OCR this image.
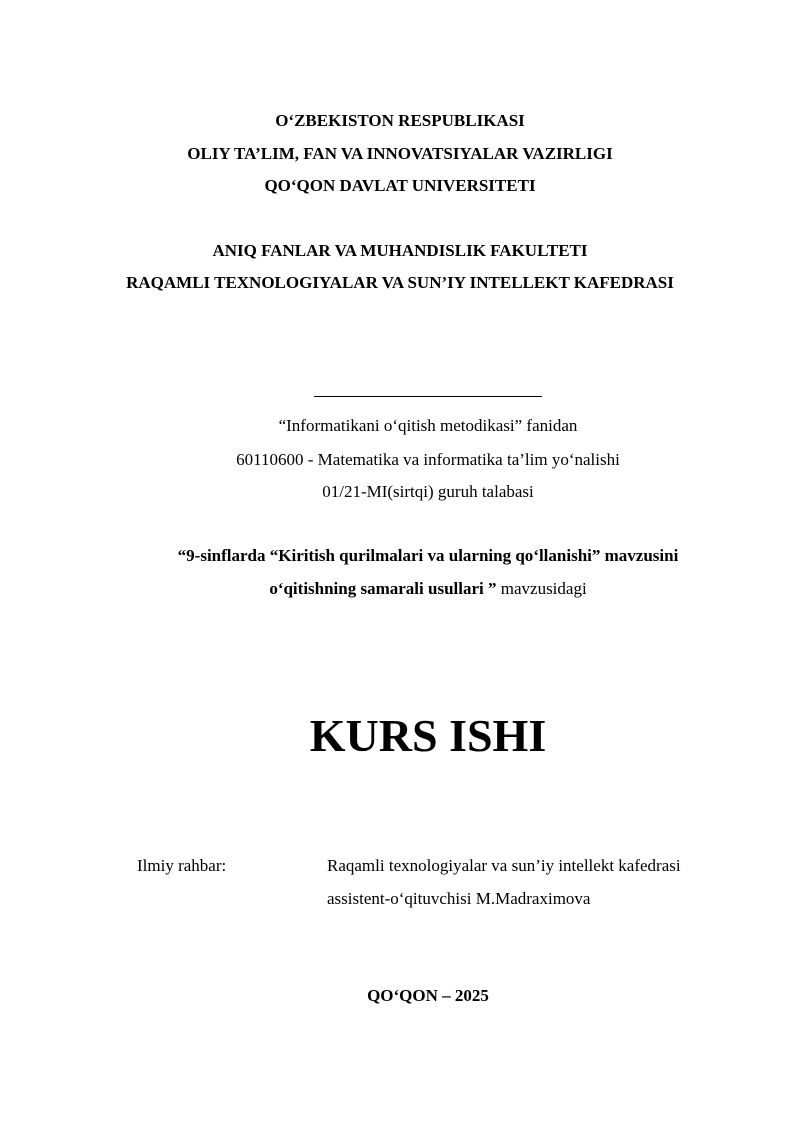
O‘ZBEKISTON RESPUBLIKASI
OLIY TA’LIM, FAN VA INNOVATSIYALAR VAZIRLIGI
QO‘QON DAVLAT UNIVERSITETI
ANIQ FANLAR VA MUHANDISLIK FAKULTETI
RAQAMLI TEXNOLOGIYALAR VA SUN’IY INTELLEKT KAFEDRASI
“Informatikani o‘qitish metodikasi” fanidan
60110600 - Matematika va informatika ta’lim yo‘nalishi
01/21-MI(sirtqi) guruh talabasi
“9-sinflarda “Kiritish qurilmalari va ularning qo‘llanishi” mavzusini
o‘qitishning samarali usullari ” mavzusidagi
KURS ISHI
Ilmiy rahbar:	Raqamli texnologiyalar va sun’iy intellekt kafedrasi
assistent-o‘qituvchisi M.Madraximova
QO‘QON – 2025
